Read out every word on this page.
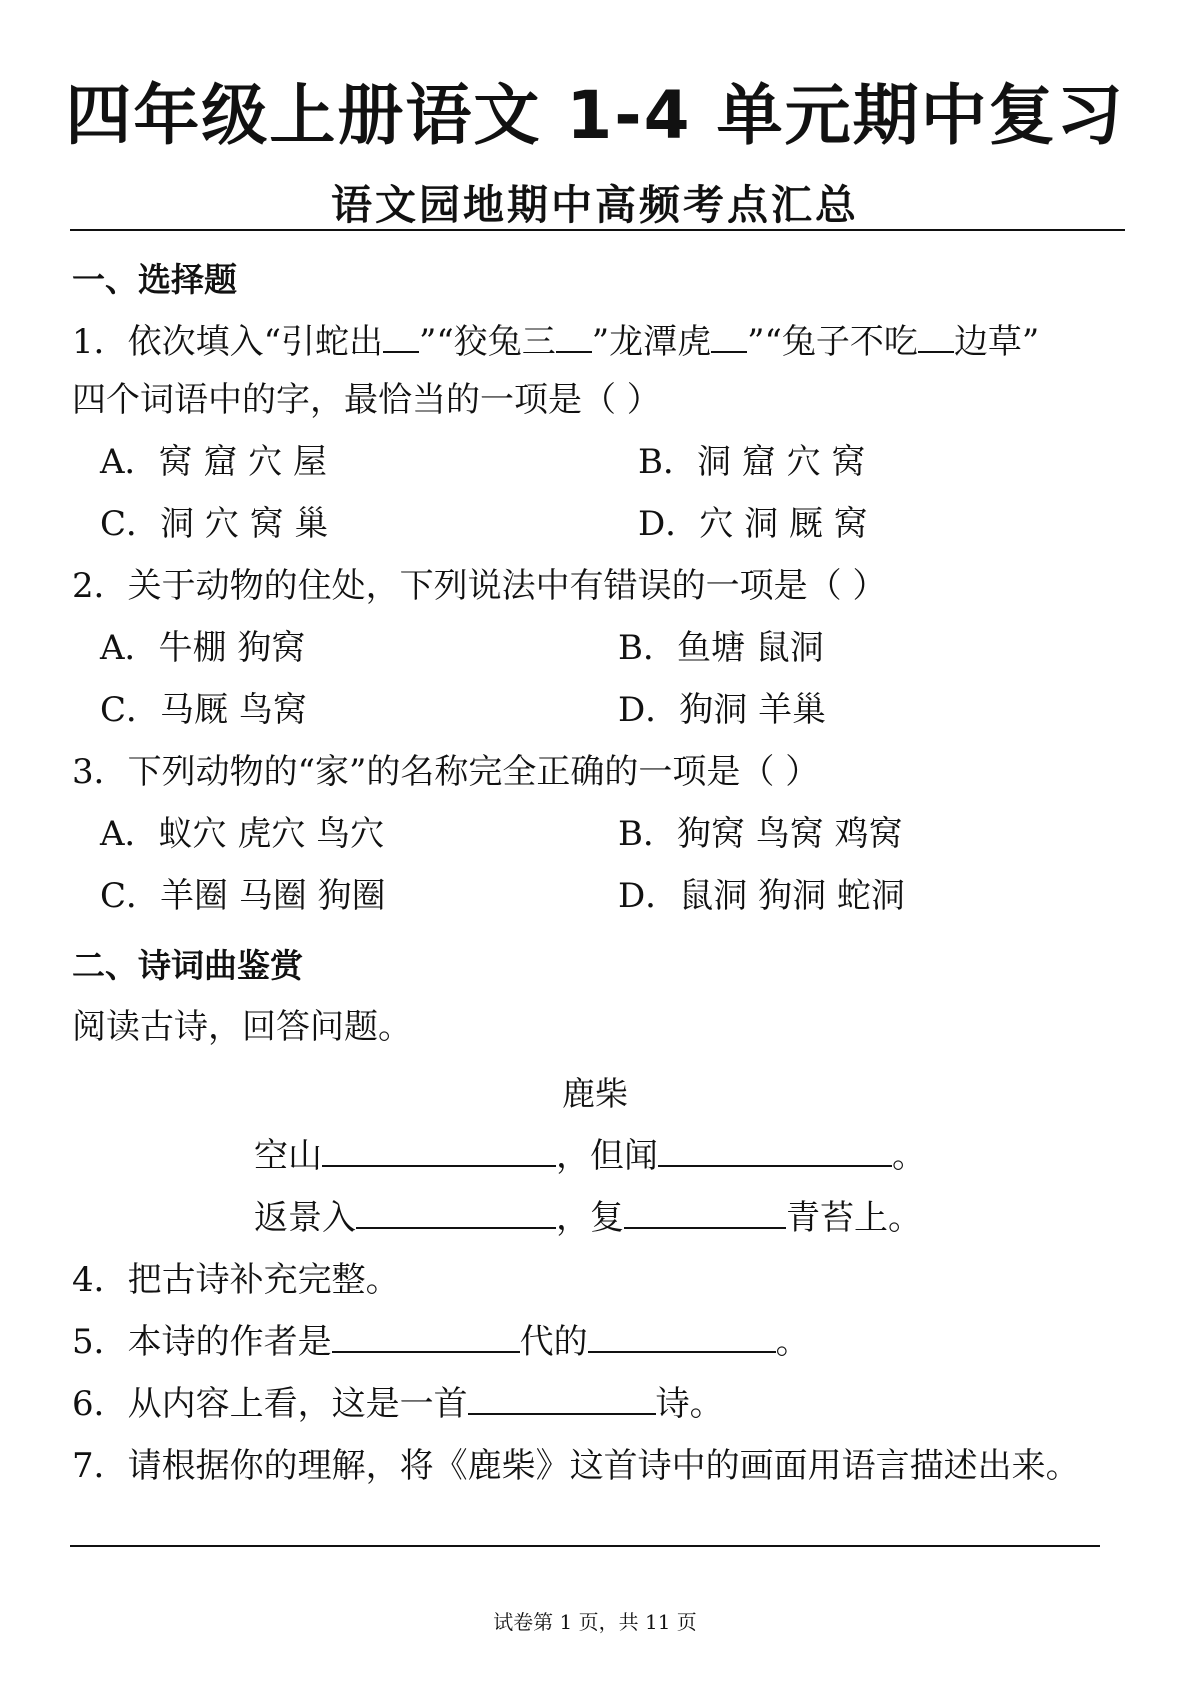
四年级上册语文 1-4 单元期中复习
语文园地期中高频考点汇总
一、选择题
1．依次填入“引蛇出 ”“狡兔三 ”龙潭虎 ”“兔子不吃 边草”
四个词语中的字，最恰当的一项是（ ）
A．窝 窟 穴 屋	B．洞 窟 穴 窝
C．洞 穴 窝 巢	D．穴 洞 厩 窝
2．关于动物的住处，下列说法中有错误的一项是（ ）
A．牛棚 狗窝	B．鱼塘 鼠洞
C．马厩 鸟窝	D．狗洞 羊巢
3．下列动物的“家”的名称完全正确的一项是（ ）
A．蚁穴 虎穴 鸟穴	B．狗窝 鸟窝 鸡窝
C．羊圈 马圈 狗圈	D．鼠洞 狗洞 蛇洞
二、诗词曲鉴赏
阅读古诗，回答问题。
鹿柴
空山	，但闻	。
返景入	，复	青苔上。
4．把古诗补充完整。
5．本诗的作者是	代的	。
6．从内容上看，这是一首	诗。
7．请根据你的理解，将《鹿柴》这首诗中的画面用语言描述出来。
试卷第 1 页，共 11 页
